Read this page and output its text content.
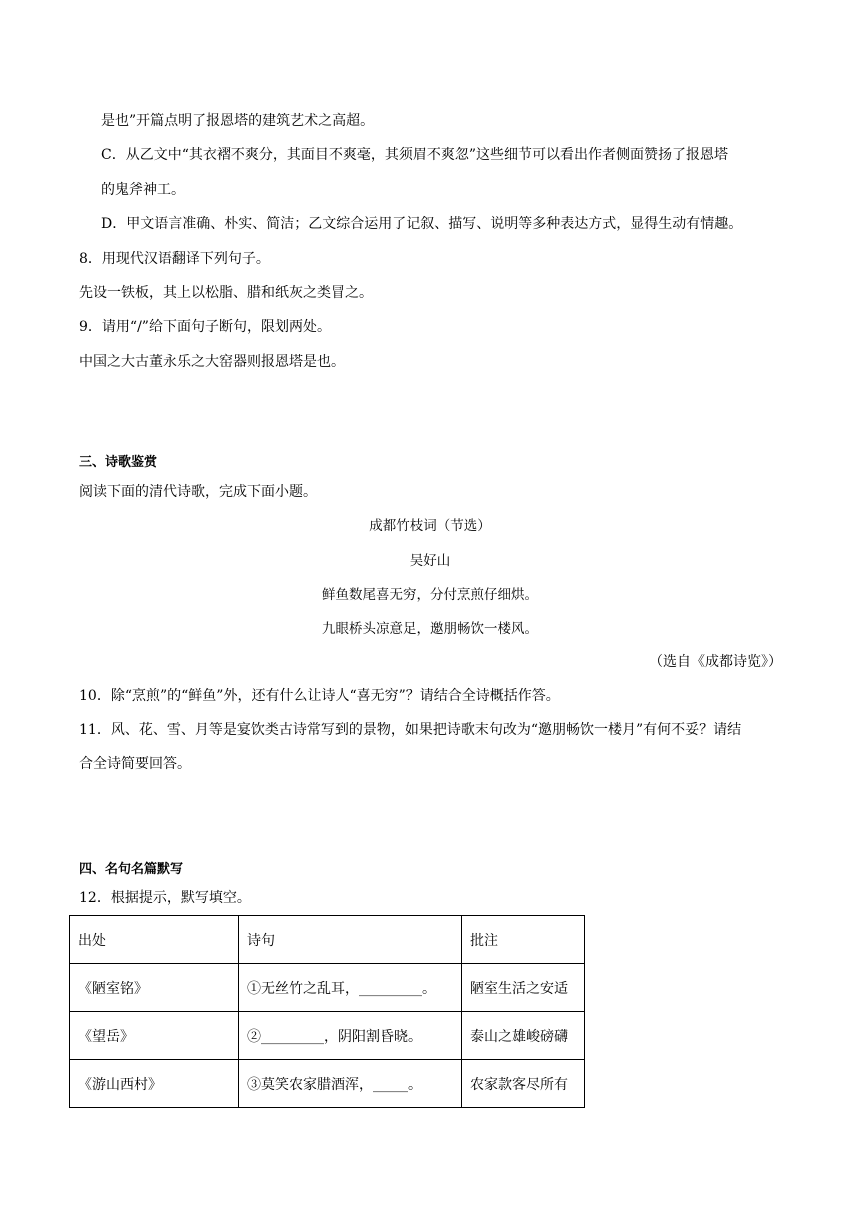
是也”开篇点明了报恩塔的建筑艺术之高超。
C．从乙文中“其衣褶不爽分，其面目不爽毫，其须眉不爽忽”这些细节可以看出作者侧面赞扬了报恩塔
的鬼斧神工。
D．甲文语言准确、朴实、简洁；乙文综合运用了记叙、描写、说明等多种表达方式，显得生动有情趣。
8．用现代汉语翻译下列句子。
先设一铁板，其上以松脂、腊和纸灰之类冒之。
9．请用“/”给下面句子断句，限划两处。
中国之大古董永乐之大窑器则报恩塔是也。
三、诗歌鉴赏
阅读下面的清代诗歌，完成下面小题。
成都竹枝词（节选）
吴好山
鲜鱼数尾喜无穷，分付烹煎仔细烘。
九眼桥头凉意足，邀朋畅饮一楼风。
（选自《成都诗览》）
10．除“烹煎”的“鲜鱼”外，还有什么让诗人“喜无穷”？请结合全诗概括作答。
11．风、花、雪、月等是宴饮类古诗常写到的景物，如果把诗歌末句改为“邀朋畅饮一楼月”有何不妥？请结
合全诗简要回答。
四、名句名篇默写
12．根据提示，默写填空。
出处	诗句	批注
《陋室铭》	①无丝竹之乱耳，_________。	陋室生活之安适
《望岳》	②_________，阴阳割昏晓。	泰山之雄峻磅礴
《游山西村》	③莫笑农家腊酒浑，_____。	农家款客尽所有
